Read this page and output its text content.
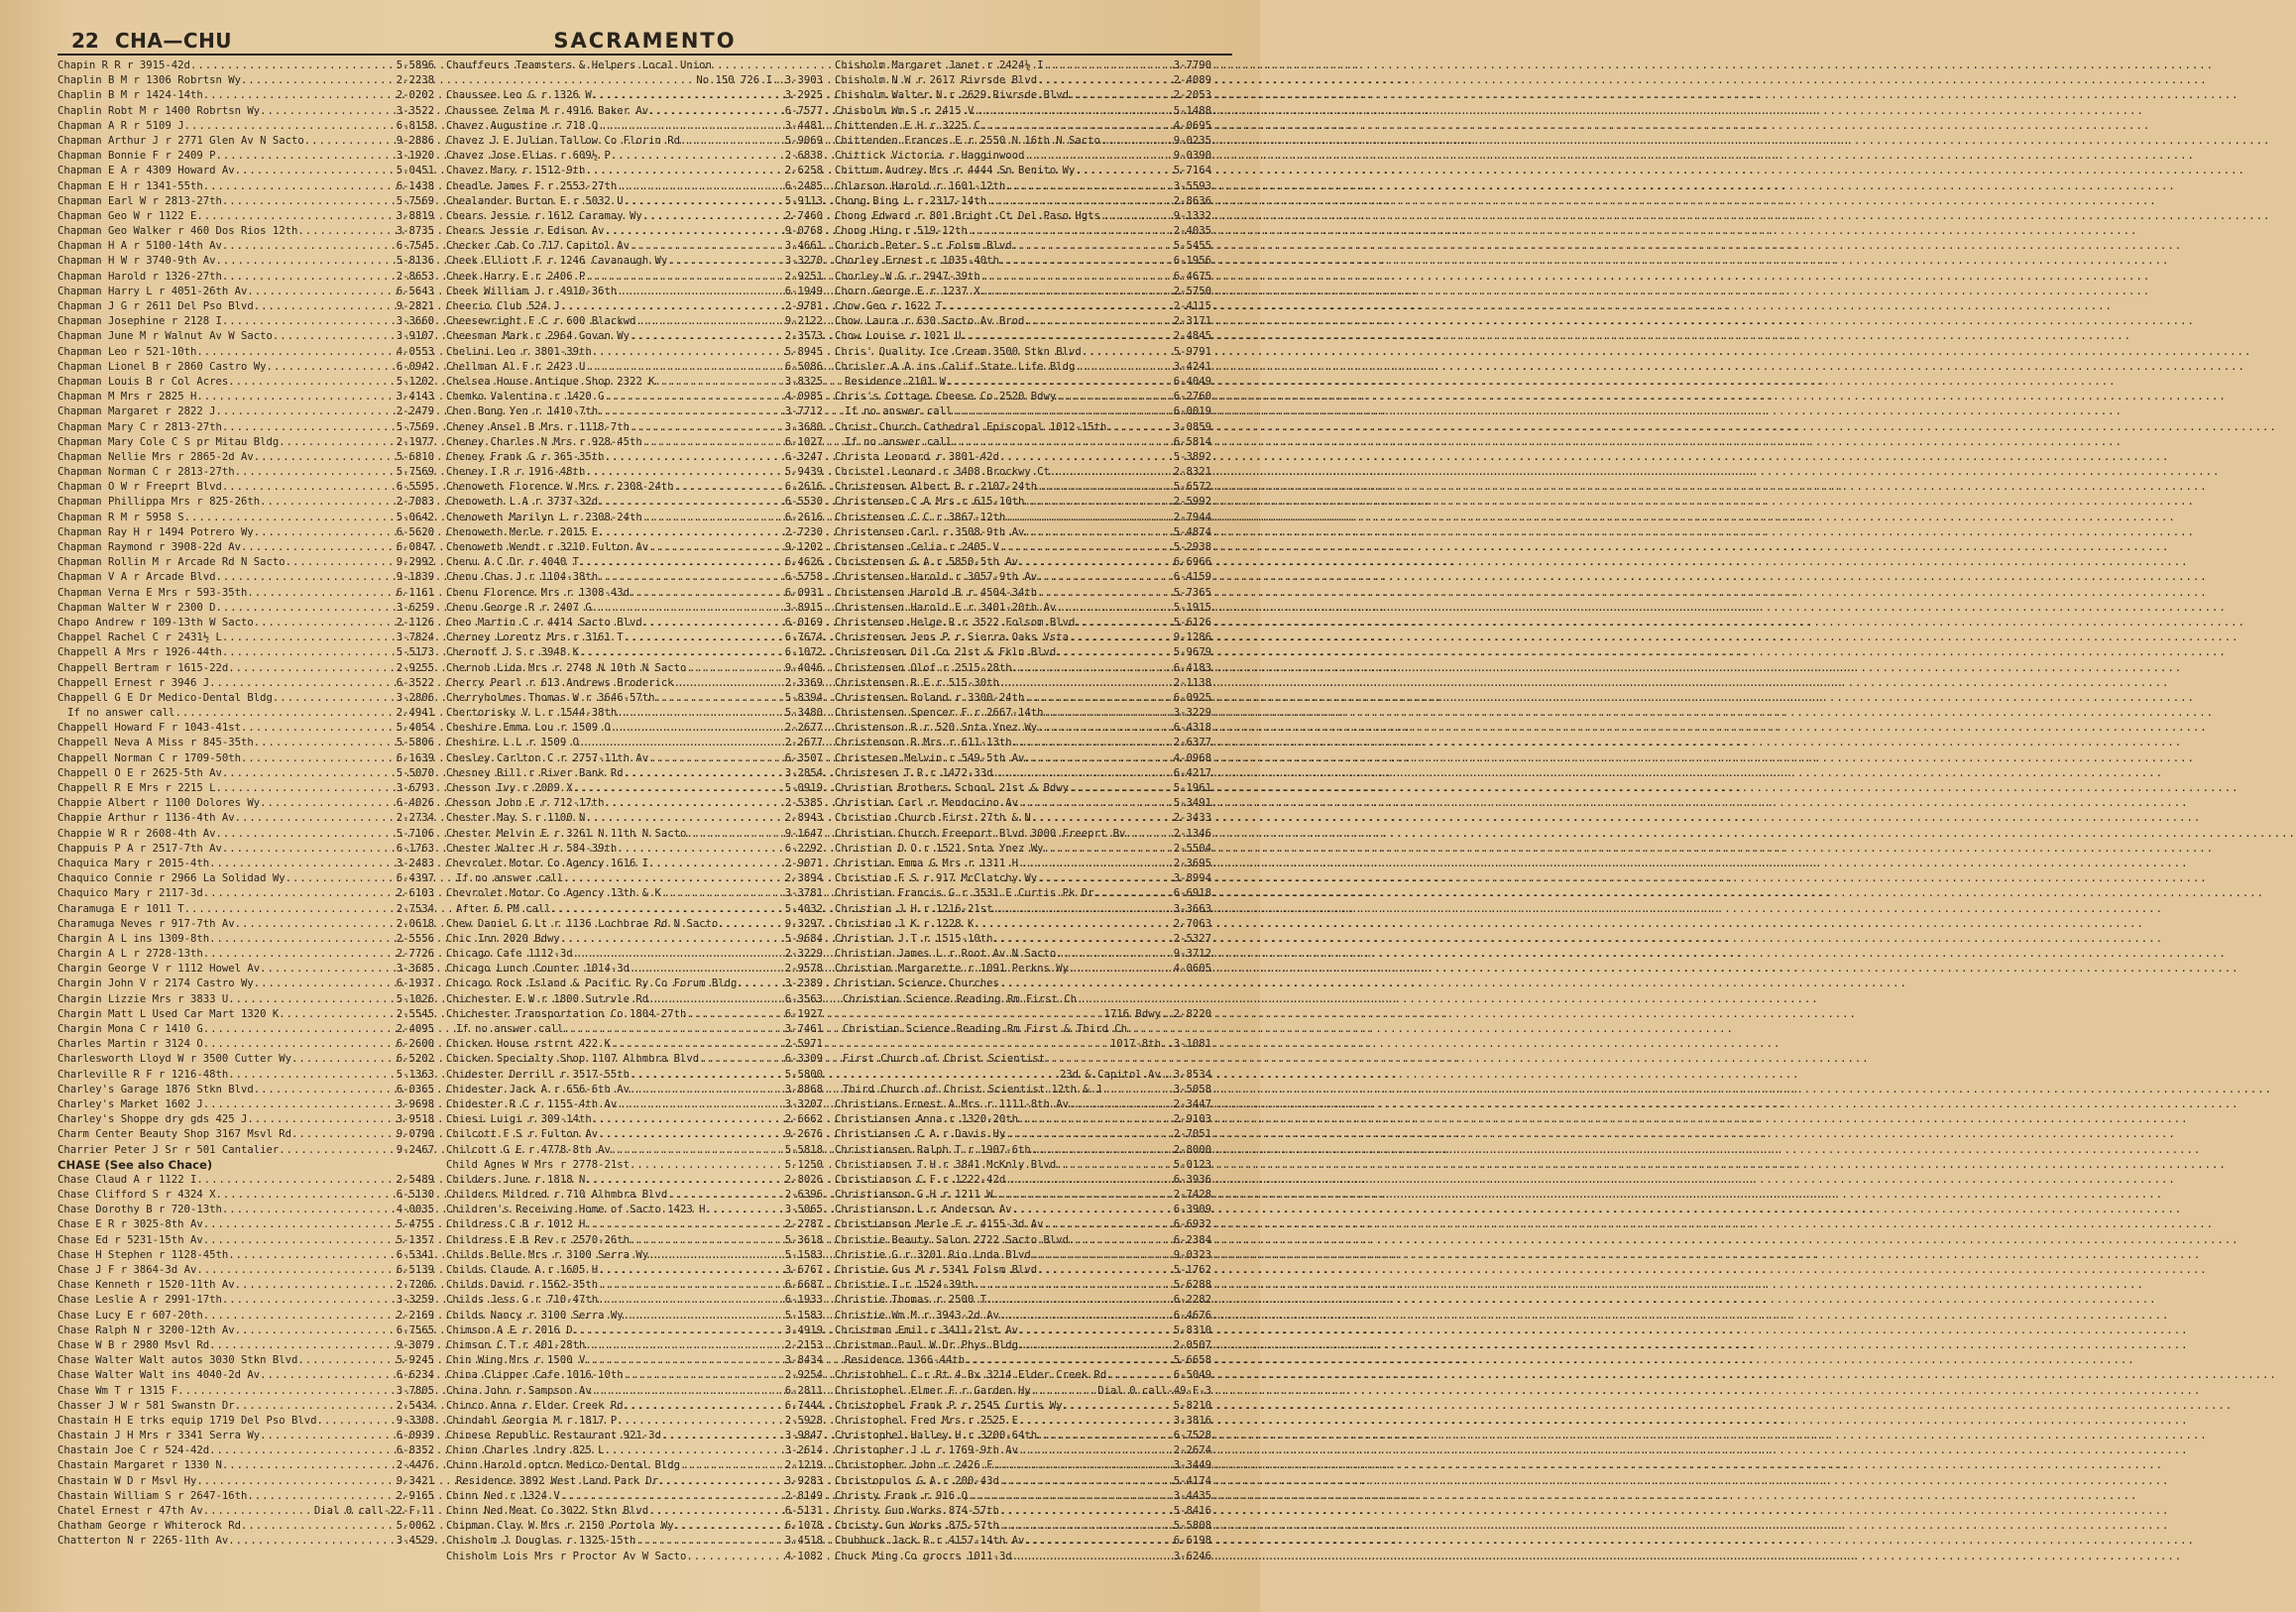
22 CHA—CHU	SACRAMENTO
Chapin R R r 3915-42d .....	5-5896
Chaplin B M r 1306 Robrtsn Wy .....	2-2238
Chaplin B M r 1424-14th .....	2-0202
Chaplin Robt M r 1400 Robrtsn Wy .....	3-3522
Chapman A R r 5109 J .....	6-8158
Chapman Arthur J r 2771 Glen Av N Sacto .....	9-2886
Chapman Bonnie F r 2409 P .....	3-1920
Chapman E A r 4309 Howard Av .....	5-0451
Chapman E H r 1341-55th .....	6-1438
Chapman Earl W r 2813-27th .....	5-7569
Chapman Geo W r 1122 E .....	3-8819
Chapman Geo Walker r 460 Dos Rios 12th .....	3-8735
Chapman H A r 5100-14th Av .....	6-7545
Chapman H W r 3740-9th Av .....	5-8136
Chapman Harold r 1326-27th .....	2-8653
Chapman Harry L r 4051-26th Av .....	6-5643
Chapman J G r 2611 Del Pso Blvd .....	9-2821
Chapman Josephine r 2128 I .....	3-3660
Chapman June M r Walnut Av W Sacto .....	3-9107
Chapman Leo r 521-10th .....	4-0553
Chapman Lionel B r 2860 Castro Wy .....	6-0942
Chapman Louis B r Col Acres .....	5-1202
Chapman M Mrs r 2825 H .....	3-4143
Chapman Margaret r 2822 J .....	2-2479
Chapman Mary C r 2813-27th .....	5-7569
Chapman Mary Cole C S pr Mitau Bldg .....	2-1977
Chapman Nellie Mrs r 2865-2d Av .....	5-6810
Chapman Norman C r 2813-27th .....	5-7569
Chapman O W r Freeprt Blvd .....	6-5595
Chapman Phillippa Mrs r 825-26th .....	2-7083
Chapman R M r 5958 S .....	5-0642
Chapman Ray H r 1494 Potrero Wy .....	6-5620
Chapman Raymond r 3908-22d Av .....	6-0847
Chapman Rollin M r Arcade Rd N Sacto .....	9-2992
Chapman V A r Arcade Blvd .....	9-1839
Chapman Verna E Mrs r 593-35th .....	6-1161
Chapman Walter W r 2300 D .....	3-6259
Chapo Andrew r 109-13th W Sacto .....	2-1126
Chappel Rachel C r 2431½ L .....	3-7824
Chappell A Mrs r 1926-44th .....	5-5173
Chappell Bertram r 1615-22d .....	2-9255
Chappell Ernest r 3946 J .....	6-3522
Chappell G E Dr Medico-Dental Bldg .....	3-2806
If no answer call .....	2-4941
Chappell Howard F r 1043-41st .....	5-4054
Chappell Neva A Miss r 845-35th .....	5-5806
Chappell Norman C r 1709-50th .....	6-1639
Chappell O E r 2625-5th Av .....	5-5070
Chappell R E Mrs r 2215 L .....	3-6793
Chappie Albert r 1100 Dolores Wy .....	6-4026
Chappie Arthur r 1136-4th Av .....	2-2734
Chappie W R r 2608-4th Av .....	5-7106
Chappuis P A r 2517-7th Av .....	6-1763
Chaquica Mary r 2015-4th .....	3-2483
Chaquico Connie r 2966 La Solidad Wy .....	6-4397
Chaquico Mary r 2117-3d .....	2-6103
Charamuga E r 1011 T .....	2-7534
Charamuga Neves r 917-7th Av .....	2-0618
Chargin A L ins 1309-8th .....	2-5556
Chargin A L r 2728-13th .....	2-7726
Chargin George V r 1112 Howel Av .....	3-3685
Chargin John V r 2174 Castro Wy .....	6-1937
Chargin Lizzie Mrs r 3833 U .....	5-1026
Chargin Matt L Used Car Mart 1320 K .....	2-5545
Chargin Mona C r 1410 G .....	2-4095
Charles Martin r 3124 O .....	6-2600
Charlesworth Lloyd W r 3500 Cutter Wy .....	6-5202
Charleville R F r 1216-48th .....	5-1363
Charley's Garage 1876 Stkn Blvd .....	6-0365
Charley's Market 1602 J .....	3-9698
Charley's Shoppe dry gds 425 J .....	3-9518
Charm Center Beauty Shop 3167 Msvl Rd .....	9-0790
Charrier Peter J Sr r 501 Cantalier .....	9-2467
CHASE (See also Chace)
Chase Claud A r 1122 I .....	2-5489
Chase Clifford S r 4324 X .....	6-5130
Chase Dorothy B r 720-13th .....	4-0035
Chase E R r 3025-8th Av .....	5-4755
Chase Ed r 5231-15th Av .....	5-1357
Chase H Stephen r 1128-45th .....	6-5341
Chase J F r 3864-3d Av .....	6-5139
Chase Kenneth r 1520-11th Av .....	2-7206
Chase Leslie A r 2991-17th .....	3-3259
Chase Lucy E r 607-20th .....	2-2169
Chase Ralph N r 3200-12th Av .....	6-7565
Chase W B r 2980 Msvl Rd .....	9-3079
Chase Walter Walt autos 3030 Stkn Blvd .....	5-9245
Chase Walter Walt ins 4040-2d Av .....	6-6234
Chase Wm T r 1315 F .....	3-7805
Chasser J W r 581 Swanstn Dr .....	2-5434
Chastain H E trks equip 1719 Del Pso Blvd .....	9-3308
Chastain J H Mrs r 3341 Serra Wy .....	6-0939
Chastain Joe C r 524-42d .....	6-8352
Chastain Margaret r 1330 N .....	2-4476
Chastain W D r Msvl Hy .....	9-3421
Chastain William S r 2647-16th .....	2-9165
Chatel Ernest r 47th Av .....	Dial 0 call-22-F-11
Chatham George r Whiterock Rd .....	5-0062
Chatterton N r 2265-11th Av .....	3-4529
Chauffeurs Teamsters & Helpers Local Union
No 150 726 I .. 3-3903
Chaussee Leo G r 1326 W .....	3-2925
Chaussee Zelma M r 4916 Baker Av .....	6-7577
Chavez Augustine r 718 Q .....	3-4481
Chavez J E Julian Tallow Co Florin Rd .....	5-9069
Chavez Jose Elias r 609½ P .....	2-6838
Chavez Mary r 1512-9th .....	2-6258
Cheadle James F r 2553-27th .....	6-2485
Chealander Burton E r 5032 U .....	5-9113
Chears Jessie r 1612 Caramay Wy .....	2-7460
Chears Jessie r Edison Av .....	9-0768
Checker Cab Co 717 Capitol Av .....	3-4661
Cheek Elliott F r 1246 Cavanaugh Wy .....	3-3270
Cheek Harry E r 2406 P .....	2-9251
Cheek William J r 4910-36th .....	6-1949
Cheerio Club 524 J .....	2-9781
Cheesewright F C r 600 Blackwd .....	9-2122
Cheesman Mark r 2964 Govan Wy .....	2-3573
Chelini Leo r 3801-39th .....	5-8945
Chellman Al F r 2423 U .....	6-5086
Chelsea House Antique Shop 2322 K .....	3-8325
Chemko Valentina r 1420 G .....	4-0985
Chen Bong Yen r 1410-7th .....	3-7712
Cheney Ansel B Mrs r 1118-7th .....	3-3680
Cheney Charles N Mrs r 928-45th .....	6-1027
Cheney Frank G r 365-35th .....	6-3247
Cheney I R r 1916-48th .....	5-9439
Chenoweth Florence W Mrs r 2308-24th .....	6-2616
Chenoweth L A r 3737-32d .....	6-5530
Chenoweth Marilyn L r 2308-24th .....	6-2616
Chenoweth Merle r 2015 E .....	2-7230
Chenoweth Wendt r 3210 Fulton Av .....	9-1202
Chenu A C Dr r 4040 T .....	6-4626
Chenu Chas J r 1104-38th .....	6-5758
Chenu Florence Mrs r 1308-43d .....	6-0931
Chenu George R r 2407 G .....	3-8915
Cheo Martin C r 4414 Sacto Blvd .....	6-0169
Cherney Lorentz Mrs r 3161 T .....	6-7674
Chernoff J S r 3948 K .....	6-1072
Chernoh Lida Mrs r 2748 N 10th N Sacto .....	9-4046
Cherry Pearl r 613 Andrews Broderick .....	2-3369
Cherryholmes Thomas W r 3646-57th .....	5-8394
Chertorisky V L r 1544-38th .....	5-3480
Cheshire Emma Lou r 1509 O .....	2-2677
Cheshire L L r 1509 O .....	2-2677
Chesley Carlton C r 2757-11th Av .....	6-3507
Chesney Bill r River Bank Rd .....	3-2854
Chesson Ivy r 2009 X .....	5-0919
Chesson John E r 712-17th .....	2-5385
Chester May S r 1100 N .....	2-8943
Chester Melvin E r 3261 N 11th N Sacto .....	9-1647
Chester Walter H r 584-39th .....	6-2292
Chevrolet Motor Co Agency 1616 I .....	2-9071
If no answer call .....	2-3894
Chevrolet Motor Co Agency 13th & K .....	3-3781
After 6 PM call .....	5-4032
Chew Daniel G Lt r 1136 Lochbrae Rd N Sacto .....	9-3297
Chic Inn 2020 Bdwy .....	5-9684
Chicago Cafe 1112-3d .....	2-3229
Chicago Lunch Counter 1014-3d .....	2-9578
Chicago Rock Island & Pacific Ry Co Forum Bldg .....	3-2389
Chichester E W r 1800 Sutrvle Rd .....	6-3563
Chichester Transportation Co 1804-27th .....	6-1927
If no answer call .....	3-7461
Chicken House rstrnt 422 K .....	2-5971
Chicken Specialty Shop 1107 Alhmbra Blvd .....	6-3309
Chidester Derrill r 3517-55th .....	5-5800
Chidester Jack A r 656-6th Av .....	3-8868
Chidester R C r 1155-4th Av .....	3-3207
Chiesi Luigi r 309-14th .....	2-6662
Chilcott F S r Fulton Av .....	9-2676
Chilcott G E r 4778-8th Av .....	5-5818
Child Agnes W Mrs r 2778-21st .....	5-1250
Childers June r 1818 N .....	2-8026
Childers Mildred r 710 Alhmbra Blvd .....	2-6396
Children's Receiving Home of Sacto 1423 H .....	3-5065
Childress C B r 1012 H .....	2-2787
Childress E B Rev r 2570-26th .....	5-3618
Childs Belle Mrs r 3100 Serra Wy .....	5-1583
Childs Claude A r 1605 H .....	3-6767
Childs David r 1562-35th .....	6-6687
Childs Jess G r 710-47th .....	6-1933
Childs Nancy r 3100 Serra Wy .....	5-1583
Chimson A E r 2016 D .....	3-4919
Chimson C T r 401-28th .....	2-2153
Chin Wing Mrs r 1500 V .....	3-8434
China Clipper Cafe 1016-10th .....	2-9254
China John r Sampson Av .....	6-2811
Chinco Anna r Elder Creek Rd .....	6-7444
Chindahl Georgia M r 1817 P .....	2-5928
Chinese Republic Restaurant 921-3d .....	3-9847
Chinn Charles lndry 825 L .....	3-2614
Chinn Harold optcn Medico-Dental Bldg .....	2-1219
Residence 3892 West Land Park Dr .....	3-9283
Chinn Ned r 1324 V .....	2-8149
Chinn Ned Meat Co 3022 Stkn Blvd .....	6-5131
Chipman Clay W Mrs r 2150 Portola Wy .....	6-1078
Chisholm J Douglas r 1325-15th .....	3-4518
Chisholm Lois Mrs r Proctor Av W Sacto .....	4-1082
Chisholm Margaret Janet r 2424½ I .....	3-7790
Chisholm N W r 2617 Rivrsde Blvd .....	2-4089
Chisholm Walter N r 2629 Rivrsde Blvd .....	2-2053
Chisholm Wm S r 2415 V .....	5-1488
Chittenden E H r 3225 C .....	4-0695
Chittenden Frances E r 2550 N 16th N Sacto .....	9-0235
Chittick Victoria r Hagginwood .....	9-0390
Chittum Audrey Mrs r 4444 Sn Benito Wy .....	5-7164
Chlarson Harold r 1601-12th .....	3-5593
Chong Bing L r 2317-14th .....	2-8636
Chong Edward r 801 Bright Ct Del Paso Hgts .....	9-1332
Chong Hing r 519-12th .....	2-4035
Chorich Peter S r Folsm Blvd .....	5-5455
Chorley Ernest r 1035-40th .....	6-1956
Chorley W G r 2947-39th .....	6-4675
Chorn George E r 1237 X .....	2-5750
Chow Geo r 1622 T .....	2-4115
Chow Laura r 630 Sacto Av Brod .....	2-3171
Chow Louise r 1021 U .....	2-4845
Chris' Quality Ice Cream 3500 Stkn Blvd .....	5-9791
Chrisler A A ins Calif State Life Bldg .....	3-4241
Residence 2101 W .....	6-4049
Chris's Cottage Cheese Co 2520 Bdwy .....	6-2760
If no answer call .....	6-0019
Christ Church Cathedral Episcopal 1012-15th .....	3-0859
If no answer call .....	6-5814
Christa Leonard r 3801-42d .....	5-3892
Christel Leonard r 3408 Brockwy Ct .....	2-8321
Christensen Albert B r 2107-24th .....	5-6572
Christensen C A Mrs r 615-10th .....	2-5992
Christensen C C r 3867-12th .....	2-7944
Christensen Carl r 3508-9th Av .....	5-4874
Christensen Celia r 2405 V .....	5-2938
Christensen G A r 5850-5th Av .....	6-6966
Christensen Harold r 3057-9th Av .....	6-4159
Christensen Harold B r 4504-34th .....	5-7365
Christensen Harold E r 3401-20th Av .....	5-1915
Christensen Helge R r 3522 Folsom Blvd .....	5-6126
Christensen Jens P r Sierra Oaks Vsta .....	9-1286
Christensen Oil Co 21st & Fkln Blvd .....	5-9679
Christensen Olof r 2515-28th .....	6-4183
Christensen R E r 515-30th .....	2-1138
Christensen Roland r 3300-24th .....	6-0925
Christensen Spencer F r 2667-14th .....	3-3229
Christenson R r 520 Snta Ynez Wy .....	6-4318
Christenson R Mrs r 611-13th .....	2-6377
Christesen Melvin r 549-5th Av .....	4-0968
Christesen T R r 1472-33d .....	6-4217
Christian Brothers School 21st & Bdwy .....	5-1961
Christian Carl r Mendocino Av .....	5-3491
Christian Church First 27th & N .....	2-3433
Christian Church Freeport Blvd 3000 Freeprt Bv .....	2-1346
Christian D O r 1521 Snta Ynez Wy .....	2-5504
Christian Emma G Mrs r 1311 H .....	2-3695
Christian F S r 917 McClatchy Wy .....	3-8994
Christian Francis G r 3531 E Curtis Pk Dr .....	6-6918
Christian J H r 1216-21st .....	3-3663
Christian J K r 1228 K .....	2-7063
Christian J T r 1515-10th .....	2-5327
Christian James L r Root Av N Sacto .....	9-3712
Christian Margarette r 1091 Perkns Wy .....	4-0605
Christian Science Churches
Christian Science Reading Rm First Ch
1716 Bdwy .. 2-8220
Christian Science Reading Rm First & Third Ch
1017-8th .. 3-1081
First Church of Christ Scientist
23d & Capitol Av .. 3-8534
Third Church of Christ Scientist 12th & J .....	3-5058
Christians Ernest A Mrs r 1111-8th Av .....	2-3447
Christiansen Anna r 1320-20th .....	2-9103
Christiansen C A r Davis Hy .....	2-7051
Christiansen Ralph T r 1907-6th .....	2-8000
Christiansen T H r 3841 McKnly Blvd .....	5-0123
Christianson C F r 1222-42d .....	6-3936
Christianson G H r 1211 W .....	2-7428
Christianson L r Anderson Av .....	6-3909
Christianson Merle F r 4155-3d Av .....	6-6932
Christie Beauty Salon 2722 Sacto Blvd .....	6-2384
Christie G r 3201 Rio Lnda Blvd .....	9-0323
Christie Gus M r 5341 Folsm Blvd .....	5-1762
Christie I r 1524-39th .....	5-6288
Christie Thomas r 2500 T .....	6-2282
Christie Wm M r 3943-2d Av .....	6-4676
Christman Emil r 3411-21st Av .....	5-8310
Christman Paul W Dr Phys Bldg .....	2-0507
Residence 1366-44th .....	5-6658
Christobhel C r Rt 4 Bx 3214 Elder Creek Rd .....	6-5049
Christophel Elmer F r Garden Hy .....	Dial 0 call-49-F-3
Christophel Frank P r 2545 Curtis Wy .....	5-8210
Christophel Fred Mrs r 2525 E .....	3-3816
Christophel Halley H r 3200-64th .....	6-7528
Christopher J L r 1769-9th Av .....	2-2674
Christopher John r 2426 F .....	3-3449
Christopulos G A r 200-43d .....	5-4174
Christy Frank r 916 Q .....	3-4435
Christy Gun Works 874-57th .....	5-8416
Christy Gun Works 875-57th .....	5-5808
Chubbuck Jack R r 4157-14th Av .....	6-6198
Chuck Ming Co grocrs 1011-3d .....	3-6246
